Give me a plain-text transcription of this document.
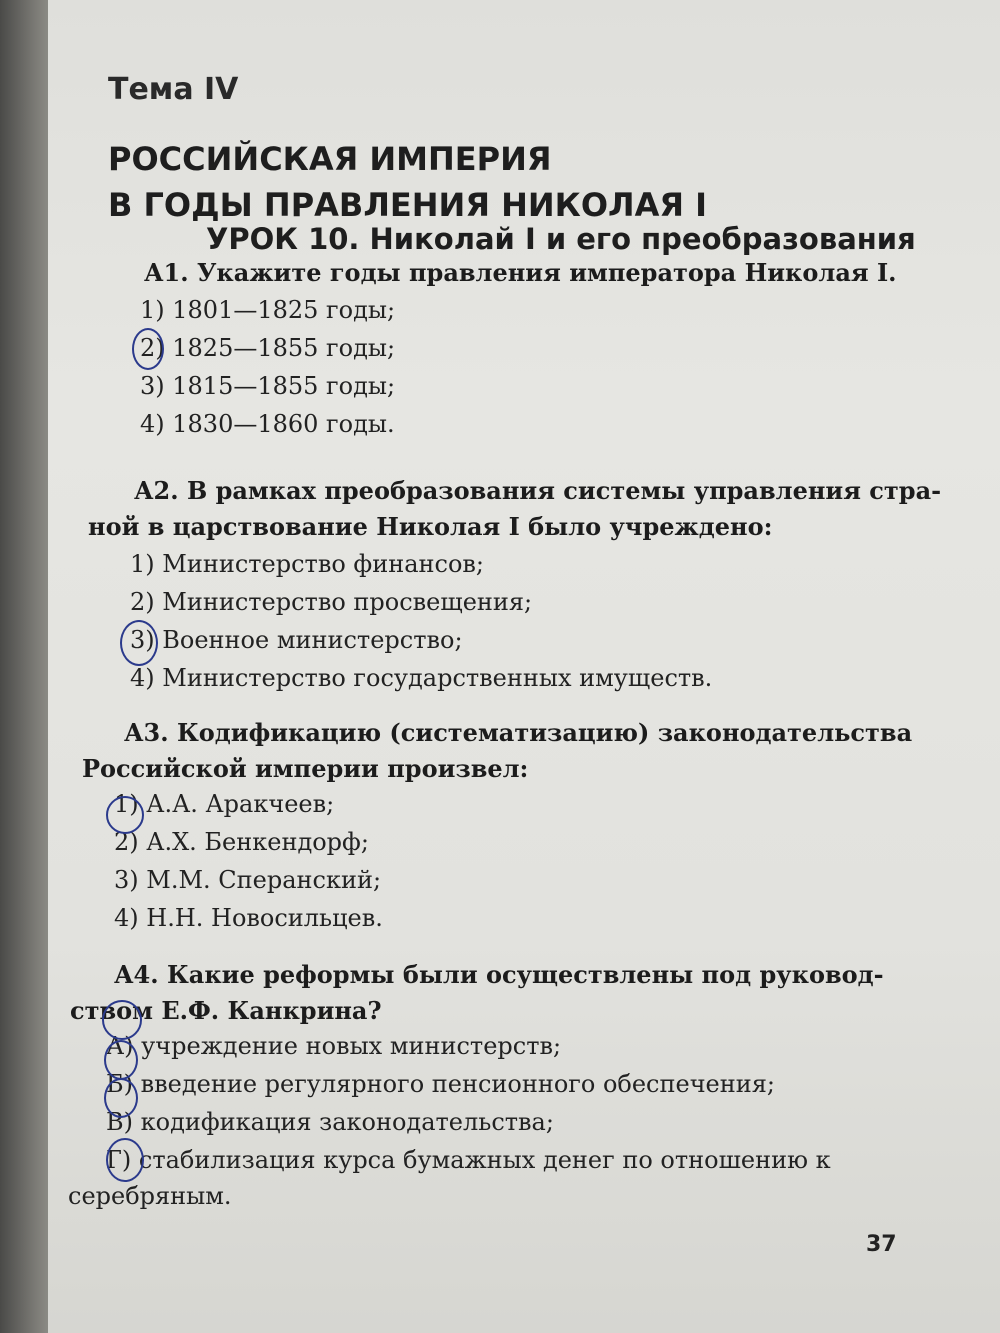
Тема IV
РОССИЙСКАЯ ИМПЕРИЯ
В ГОДЫ ПРАВЛЕНИЯ НИКОЛАЯ I
УРОК 10. Николай I и его преобразования
А1. Укажите годы правления императора Николая I.
1) 1801—1825 годы;
2) 1825—1855 годы;
3) 1815—1855 годы;
4) 1830—1860 годы.
А2. В рамках преобразования системы управления стра-
ной в царствование Николая I было учреждено:
1) Министерство финансов;
2) Министерство просвещения;
3) Военное министерство;
4) Министерство государственных имуществ.
А3. Кодификацию (систематизацию) законодательства
Российской империи произвел:
1) А.А. Аракчеев;
2) А.Х. Бенкендорф;
3) М.М. Сперанский;
4) Н.Н. Новосильцев.
А4. Какие реформы были осуществлены под руковод-
ством Е.Ф. Канкрина?
А) учреждение новых министерств;
Б) введение регулярного пенсионного обеспечения;
В) кодификация законодательства;
Г) стабилизация курса бумажных денег по отношению к
серебряным.
37
